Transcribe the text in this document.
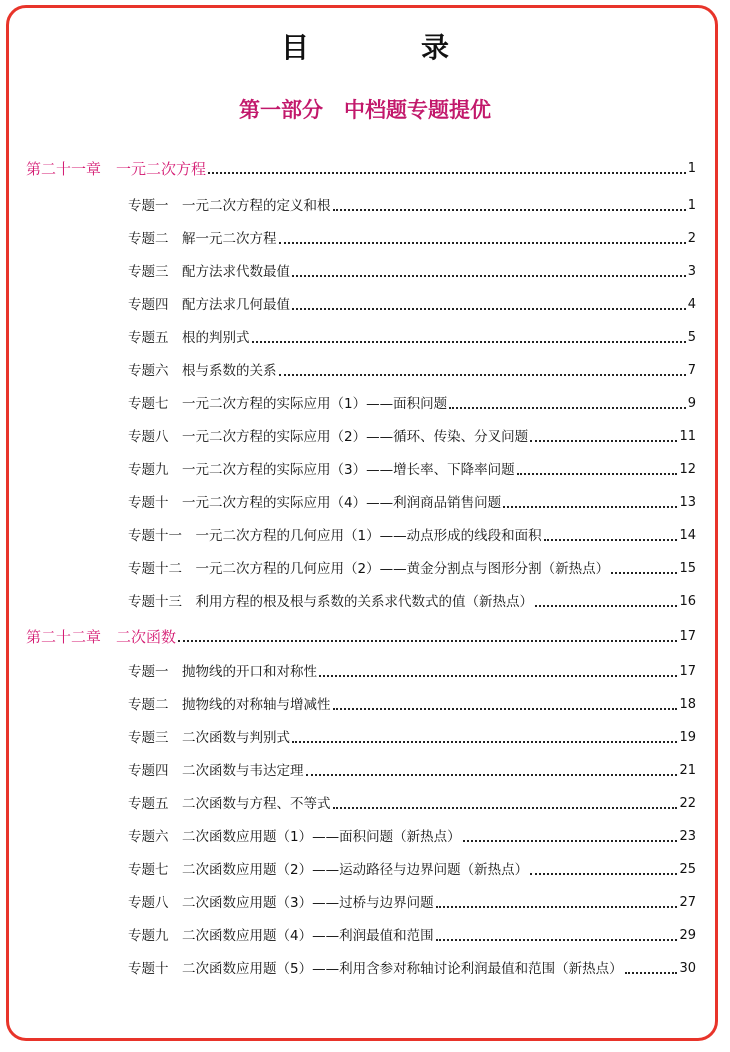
目　录
第一部分　中档题专题提优
第二十一章　一元二次方程	1
专题一　一元二次方程的定义和根	1
专题二　解一元二次方程	2
专题三　配方法求代数最值	3
专题四　配方法求几何最值	4
专题五　根的判别式	5
专题六　根与系数的关系	7
专题七　一元二次方程的实际应用（1）——面积问题	9
专题八　一元二次方程的实际应用（2）——循环、传染、分叉问题	11
专题九　一元二次方程的实际应用（3）——增长率、下降率问题	12
专题十　一元二次方程的实际应用（4）——利润商品销售问题	13
专题十一　一元二次方程的几何应用（1）——动点形成的线段和面积	14
专题十二　一元二次方程的几何应用（2）——黄金分割点与图形分割（新热点）	15
专题十三　利用方程的根及根与系数的关系求代数式的值（新热点）	16
第二十二章　二次函数	17
专题一　抛物线的开口和对称性	17
专题二　抛物线的对称轴与增减性	18
专题三　二次函数与判别式	19
专题四　二次函数与韦达定理	21
专题五　二次函数与方程、不等式	22
专题六　二次函数应用题（1）——面积问题（新热点）	23
专题七　二次函数应用题（2）——运动路径与边界问题（新热点）	25
专题八　二次函数应用题（3）——过桥与边界问题	27
专题九　二次函数应用题（4）——利润最值和范围	29
专题十　二次函数应用题（5）——利用含参对称轴讨论利润最值和范围（新热点）	30
